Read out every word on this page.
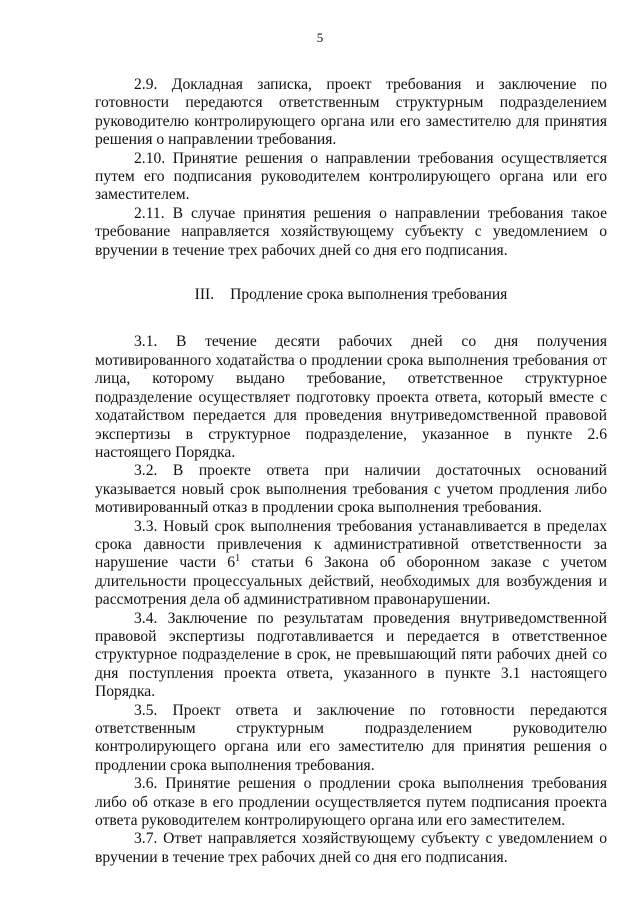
5

2.9. Докладная записка, проект требования и заключение по готовности передаются ответственным структурным подразделением руководителю контролирующего органа или его заместителю для принятия решения о направлении требования.

2.10. Принятие решения о направлении требования осуществляется путем его подписания руководителем контролирующего органа или его заместителем.

2.11. В случае принятия решения о направлении требования такое требование направляется хозяйствующему субъекту с уведомлением о вручении в течение трех рабочих дней со дня его подписания.

III. Продление срока выполнения требования

3.1. В течение десяти рабочих дней со дня получения мотивированного ходатайства о продлении срока выполнения требования от лица, которому выдано требование, ответственное структурное подразделение осуществляет подготовку проекта ответа, который вместе с ходатайством передается для проведения внутриведомственной правовой экспертизы в структурное подразделение, указанное в пункте 2.6 настоящего Порядка.

3.2. В проекте ответа при наличии достаточных оснований указывается новый срок выполнения требования с учетом продления либо мотивированный отказ в продлении срока выполнения требования.

3.3. Новый срок выполнения требования устанавливается в пределах срока давности привлечения к административной ответственности за нарушение части $6^1$ статьи 6 Закона об оборонном заказе с учетом длительности процессуальных действий, необходимых для возбуждения и рассмотрения дела об административном правонарушении.

3.4. Заключение по результатам проведения внутриведомственной правовой экспертизы подготавливается и передается в ответственное структурное подразделение в срок, не превышающий пяти рабочих дней со дня поступления проекта ответа, указанного в пункте 3.1 настоящего Порядка.

3.5. Проект ответа и заключение по готовности передаются ответственным структурным подразделением руководителю контролирующего органа или его заместителю для принятия решения о продлении срока выполнения требования.

3.6. Принятие решения о продлении срока выполнения требования либо об отказе в его продлении осуществляется путем подписания проекта ответа руководителем контролирующего органа или его заместителем.

3.7. Ответ направляется хозяйствующему субъекту с уведомлением о вручении в течение трех рабочих дней со дня его подписания.
